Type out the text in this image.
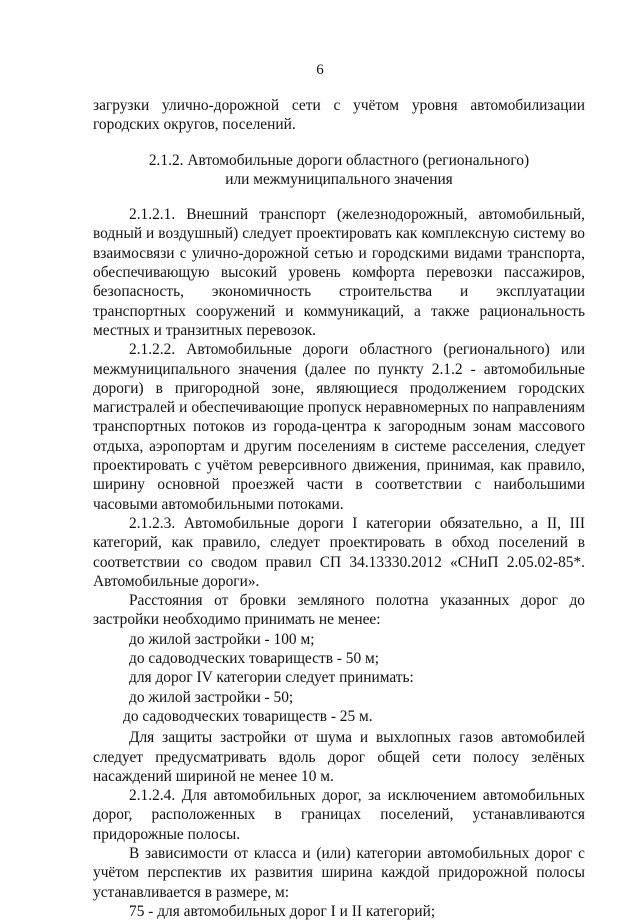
6

загрузки улично-дорожной сети с учётом уровня автомобилизации городских округов, поселений.

2.1.2. Автомобильные дороги областного (регионального)
или межмуниципального значения

2.1.2.1. Внешний транспорт (железнодорожный, автомобильный, водный и воздушный) следует проектировать как комплексную систему во взаимосвязи с улично-дорожной сетью и городскими видами транспорта, обеспечивающую высокий уровень комфорта перевозки пассажиров, безопасность, экономичность строительства и эксплуатации транспортных сооружений и коммуникаций, а также рациональность местных и транзитных перевозок.

2.1.2.2. Автомобильные дороги областного (регионального) или межмуниципального значения (далее по пункту 2.1.2 - автомобильные дороги) в пригородной зоне, являющиеся продолжением городских магистралей и обеспечивающие пропуск неравномерных по направлениям транспортных потоков из города-центра к загородным зонам массового отдыха, аэропортам и другим поселениям в системе расселения, следует проектировать с учётом реверсивного движения, принимая, как правило, ширину основной проезжей части в соответствии с наибольшими часовыми автомобильными потоками.

2.1.2.3. Автомобильные дороги I категории обязательно, а II, III категорий, как правило, следует проектировать в обход поселений в соответствии со сводом правил СП 34.13330.2012 «СНиП 2.05.02-85*. Автомобильные дороги».

Расстояния от бровки земляного полотна указанных дорог до застройки необходимо принимать не менее:

до жилой застройки - 100 м;

до садоводческих товариществ - 50 м;

для дорог IV категории следует принимать:

до жилой застройки - 50;

до садоводческих товариществ - 25 м.

Для защиты застройки от шума и выхлопных газов автомобилей следует предусматривать вдоль дорог общей сети полосу зелёных насаждений шириной не менее 10 м.

2.1.2.4. Для автомобильных дорог, за исключением автомобильных дорог, расположенных в границах поселений, устанавливаются придорожные полосы.

В зависимости от класса и (или) категории автомобильных дорог с учётом перспектив их развития ширина каждой придорожной полосы устанавливается в размере, м:

75 - для автомобильных дорог I и II категорий;
